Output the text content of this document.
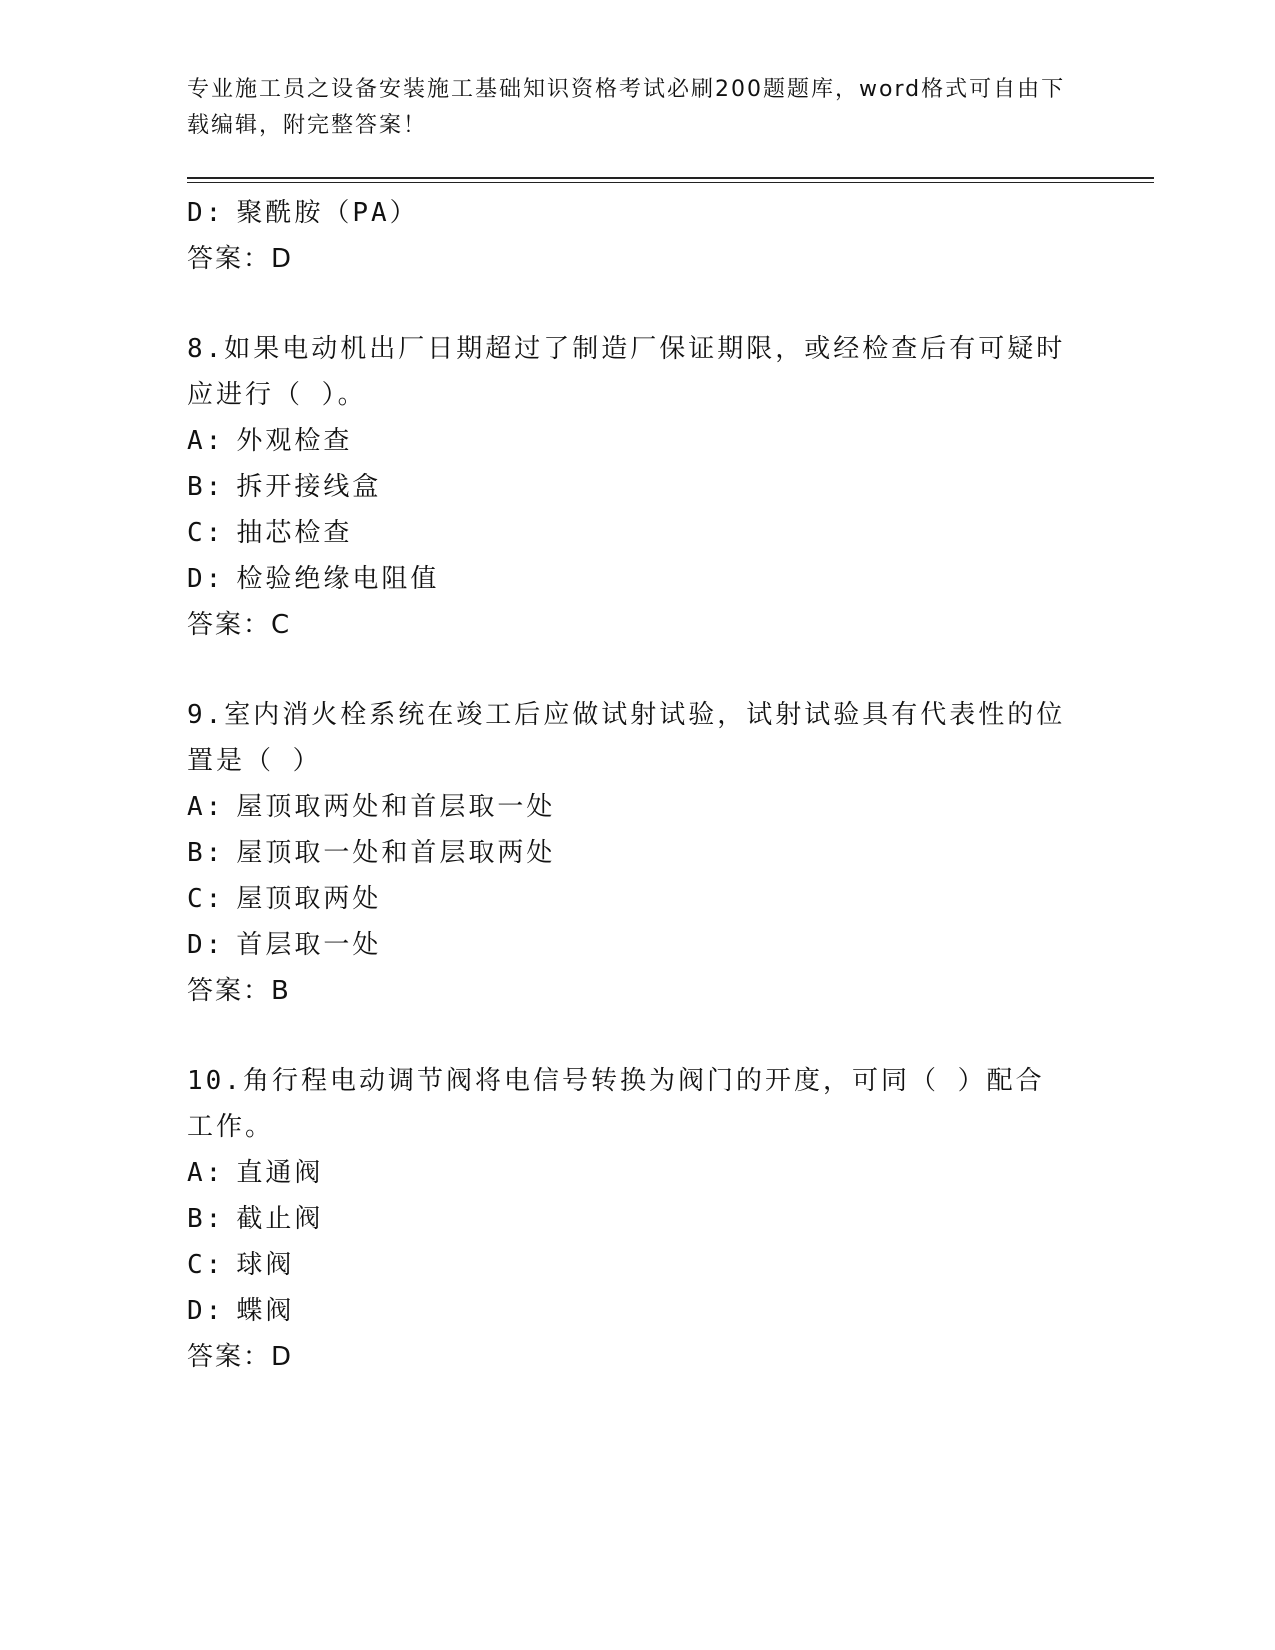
专业施工员之设备安装施工基础知识资格考试必刷200题题库，word格式可自由下载编辑，附完整答案！
D: 聚酰胺（PA）
答案：D
8.如果电动机出厂日期超过了制造厂保证期限，或经检查后有可疑时应进行（ ）。
A: 外观检查
B: 拆开接线盒
C: 抽芯检查
D: 检验绝缘电阻值
答案：C
9.室内消火栓系统在竣工后应做试射试验，试射试验具有代表性的位置是（ ）
A: 屋顶取两处和首层取一处
B: 屋顶取一处和首层取两处
C: 屋顶取两处
D: 首层取一处
答案：B
10.角行程电动调节阀将电信号转换为阀门的开度，可同（ ）配合工作。
A: 直通阀
B: 截止阀
C: 球阀
D: 蝶阀
答案：D
